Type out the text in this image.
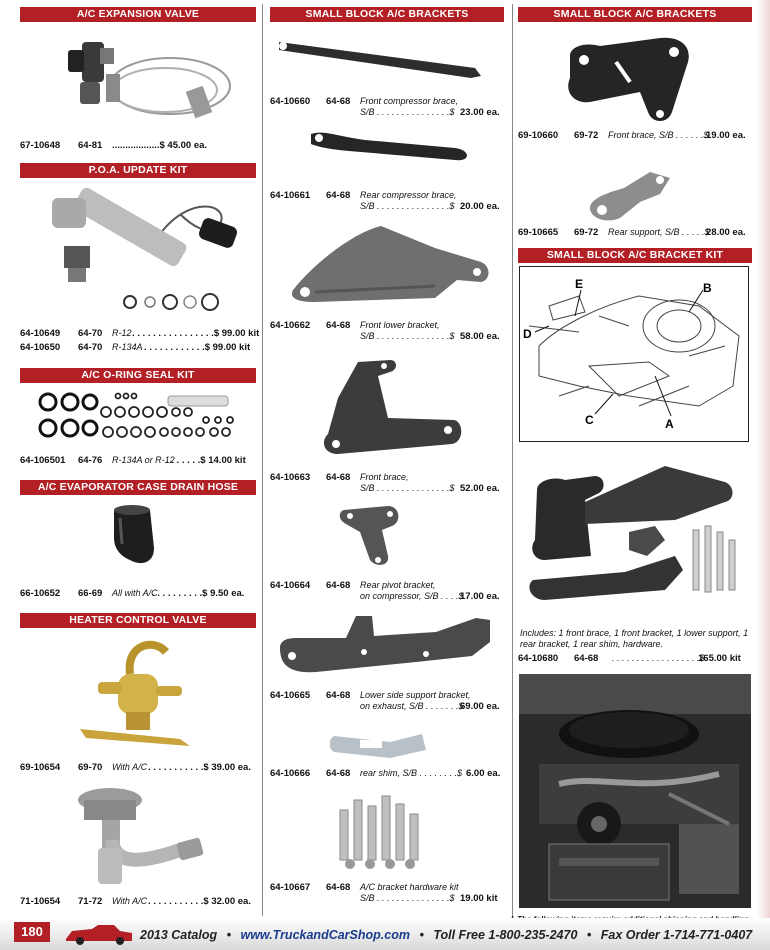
A/C EXPANSION VALVE
67-10648 64-81 ..................$ 45.00 ea.
P.O.A. UPDATE KIT
64-10649 64-70 R-12 . . . . . . . . . . . . . . . .$ 99.00 kit
64-10650 64-70 R-134A . . . . . . . . . . . .$ 99.00 kit
A/C O-RING SEAL KIT
64-106501 64-76 R-134A or R-12
. . . . . . .$ 14.00 kit
A/C EVAPORATOR CASE DRAIN HOSE
66-10652 66-69 All with A/C
. . . . . . . . . .$ 9.50 ea.
HEATER CONTROL VALVE
69-10654 69-70 With A/C . . . . . . . . . . .$ 39.00 ea.
71-10654 71-72 With A/C . . . . . . . . . . .$ 32.00 ea.
SMALL BLOCK A/C BRACKETS
64-10660 64-68 Front compressor brace,
S/B . . . . . . . . . . . . . . .$ 23.00 ea.
64-10661 64-68 Rear compressor brace,
S/B . . . . . . . . . . . . . . .$ 20.00 ea.
64-10662 64-68 Front lower bracket,
S/B . . . . . . . . . . . . . . .$ 58.00 ea.
64-10663 64-68 Front brace,
S/B . . . . . . . . . . . . . . .$ 52.00 ea.
64-10664 64-68 Rear pivot bracket,
on compressor, S/B . . . .$
17.00 ea.
64-10665 64-68 Lower side support bracket,
on exhaust, S/B . . . . . . .$
69.00 ea.
64-10666 64-68 rear shim, S/B . . . . . . . .$ 6.00 ea.
64-10667 64-68 A/C bracket hardware kit
S/B . . . . . . . . . . . . . . .$ 19.00 kit
SMALL BLOCK A/C BRACKETS
69-10660 69-72 Front brace, S/B . . . . . .$
19.00 ea.
69-10665 69-72 Rear support, S/B . . . . .$
28.00 ea.
SMALL BLOCK A/C BRACKET KIT
E	B
D
C	A
Includes: 1 front brace, 1 front bracket, 1 lower support, 1 rear bracket, 1 rear shim, hardware.
64-10680 64-68 . . . . . . . . . . . . . . . . . .$
165.00 kit
180	2013 Catalog • www.TruckandCarShop.com • Toll Free 1-800-235-2470 • Fax Order 1-714-771-0407
